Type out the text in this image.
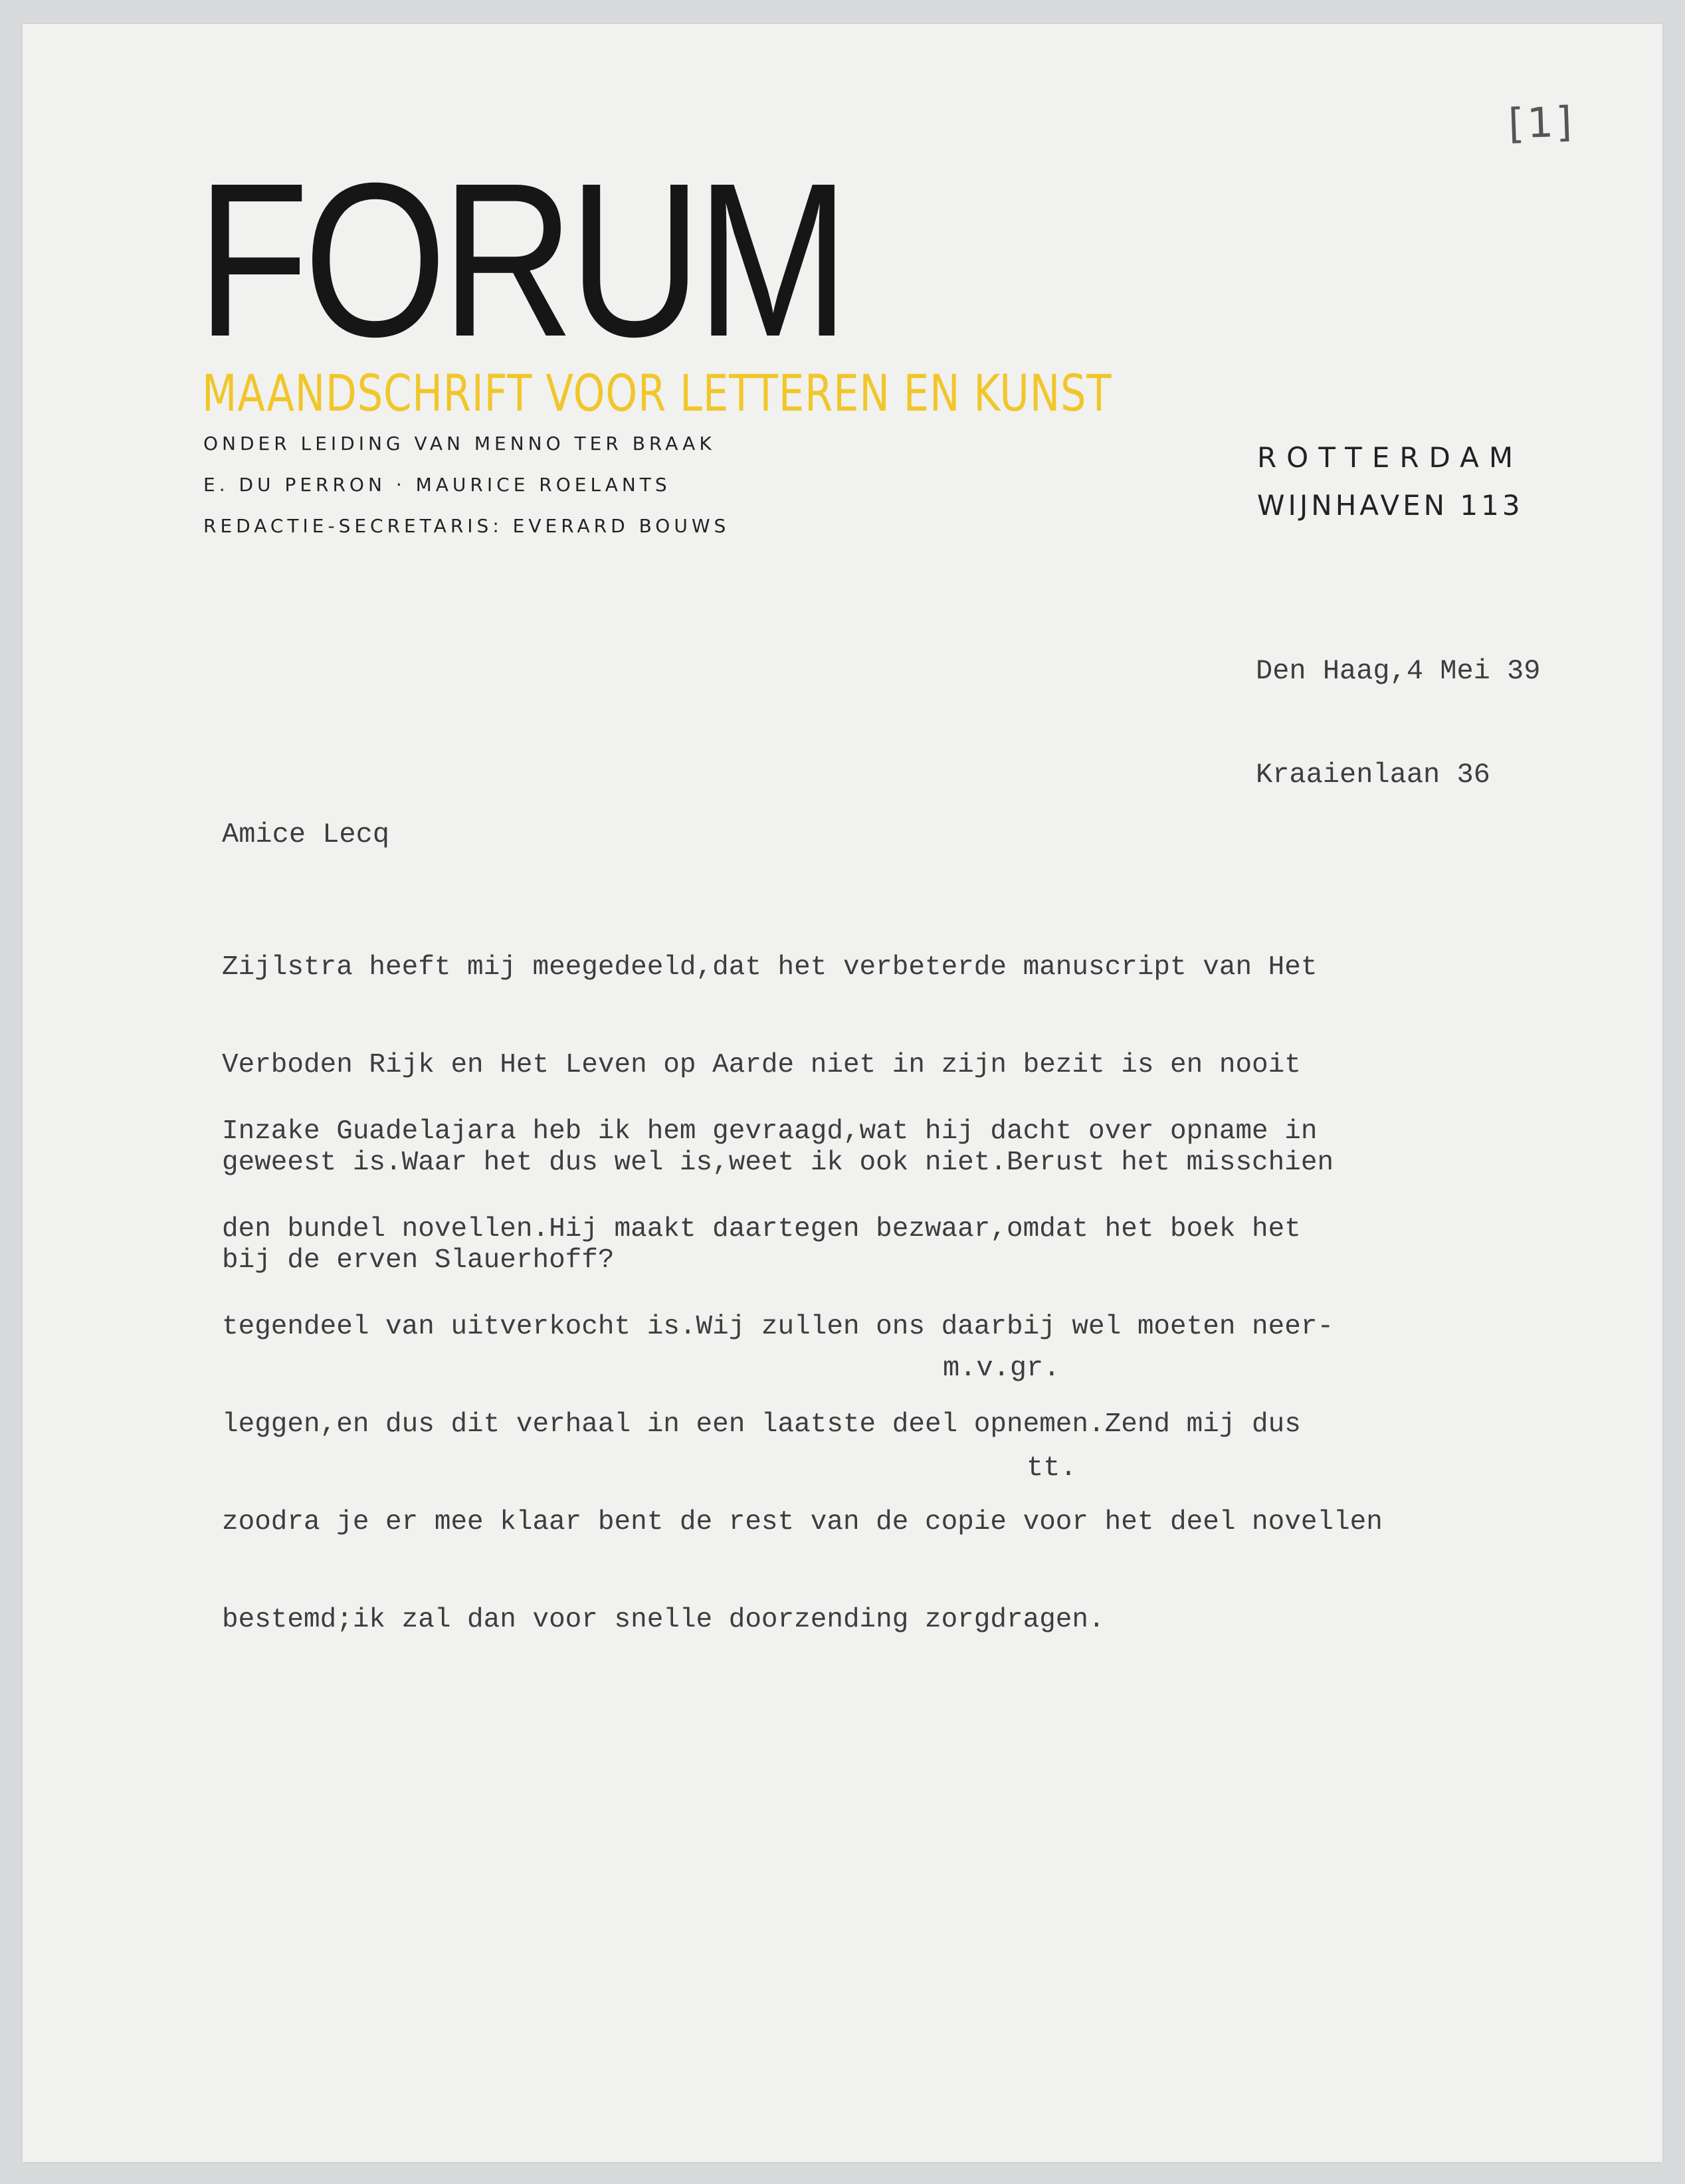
[1]
FORUM
MAANDSCHRIFT VOOR LETTEREN EN KUNST
ONDER LEIDING VAN MENNO TER BRAAK
E. DU PERRON · MAURICE ROELANTS
REDACTIE-SECRETARIS: EVERARD BOUWS
ROTTERDAM
WIJNHAVEN 113

Den Haag,4 Mei 39

Kraaienlaan 36

Amice Lecq

Zijlstra heeft mij meegedeeld,dat het verbeterde manuscript van Het

Verboden Rijk en Het Leven op Aarde niet in zijn bezit is en nooit

geweest is.Waar het dus wel is,weet ik ook niet.Berust het misschien

bij de erven Slauerhoff?

Inzake Guadelajara heb ik hem gevraagd,wat hij dacht over opname in

den bundel novellen.Hij maakt daartegen bezwaar,omdat het boek het

tegendeel van uitverkocht is.Wij zullen ons daarbij wel moeten neer-

leggen,en dus dit verhaal in een laatste deel opnemen.Zend mij dus

zoodra je er mee klaar bent de rest van de copie voor het deel novellen

bestemd;ik zal dan voor snelle doorzending zorgdragen.

m.v.gr.

tt.
